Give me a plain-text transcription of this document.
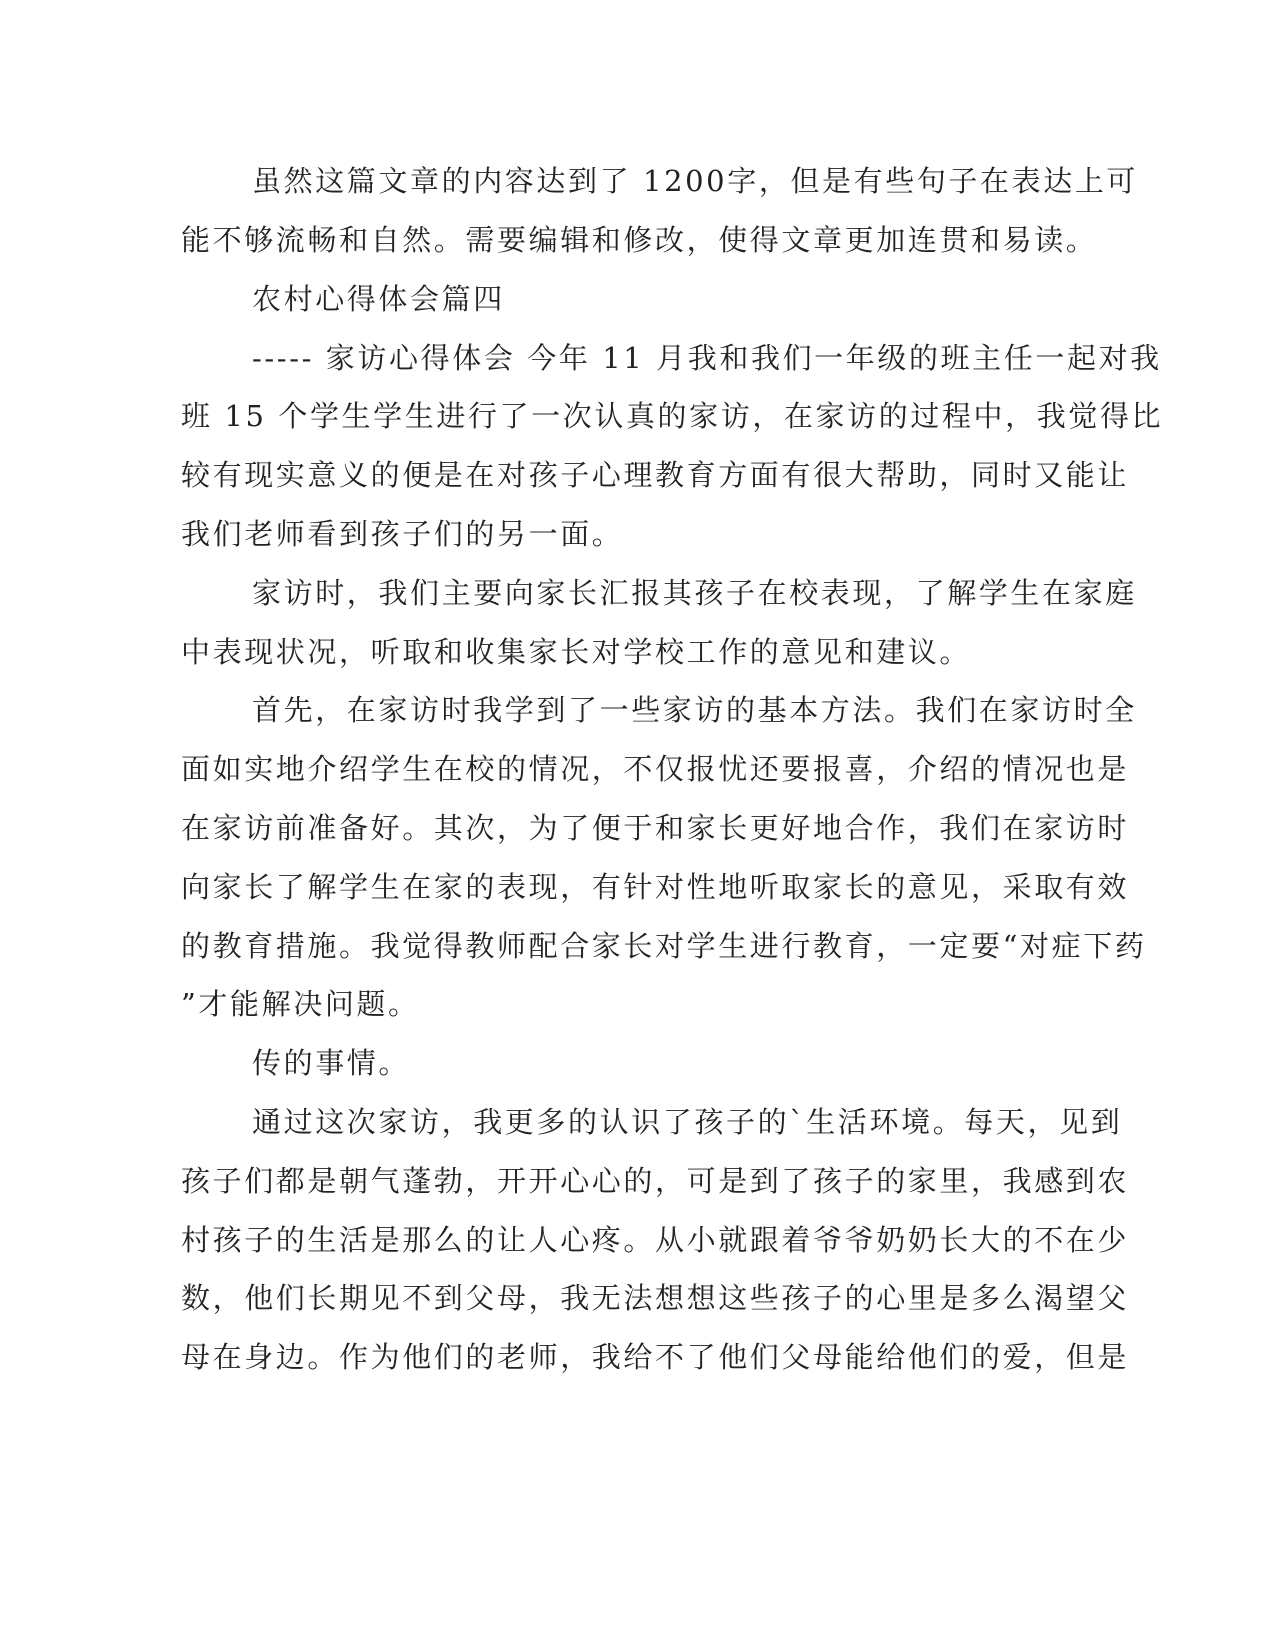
虽然这篇文章的内容达到了 1200字，但是有些句子在表达上可
能不够流畅和自然。需要编辑和修改，使得文章更加连贯和易读。
农村心得体会篇四
----- 家访心得体会 今年 11 月我和我们一年级的班主任一起对我
班 15 个学生学生进行了一次认真的家访，在家访的过程中，我觉得比
较有现实意义的便是在对孩子心理教育方面有很大帮助，同时又能让
我们老师看到孩子们的另一面。
家访时，我们主要向家长汇报其孩子在校表现，了解学生在家庭
中表现状况，听取和收集家长对学校工作的意见和建议。
首先，在家访时我学到了一些家访的基本方法。我们在家访时全
面如实地介绍学生在校的情况，不仅报忧还要报喜，介绍的情况也是
在家访前准备好。其次，为了便于和家长更好地合作，我们在家访时
向家长了解学生在家的表现，有针对性地听取家长的意见，采取有效
的教育措施。我觉得教师配合家长对学生进行教育，一定要“对症下药
”才能解决问题。
传的事情。
通过这次家访，我更多的认识了孩子的`生活环境。每天，见到
孩子们都是朝气蓬勃，开开心心的，可是到了孩子的家里，我感到农
村孩子的生活是那么的让人心疼。从小就跟着爷爷奶奶长大的不在少
数，他们长期见不到父母，我无法想想这些孩子的心里是多么渴望父
母在身边。作为他们的老师，我给不了他们父母能给他们的爱，但是
